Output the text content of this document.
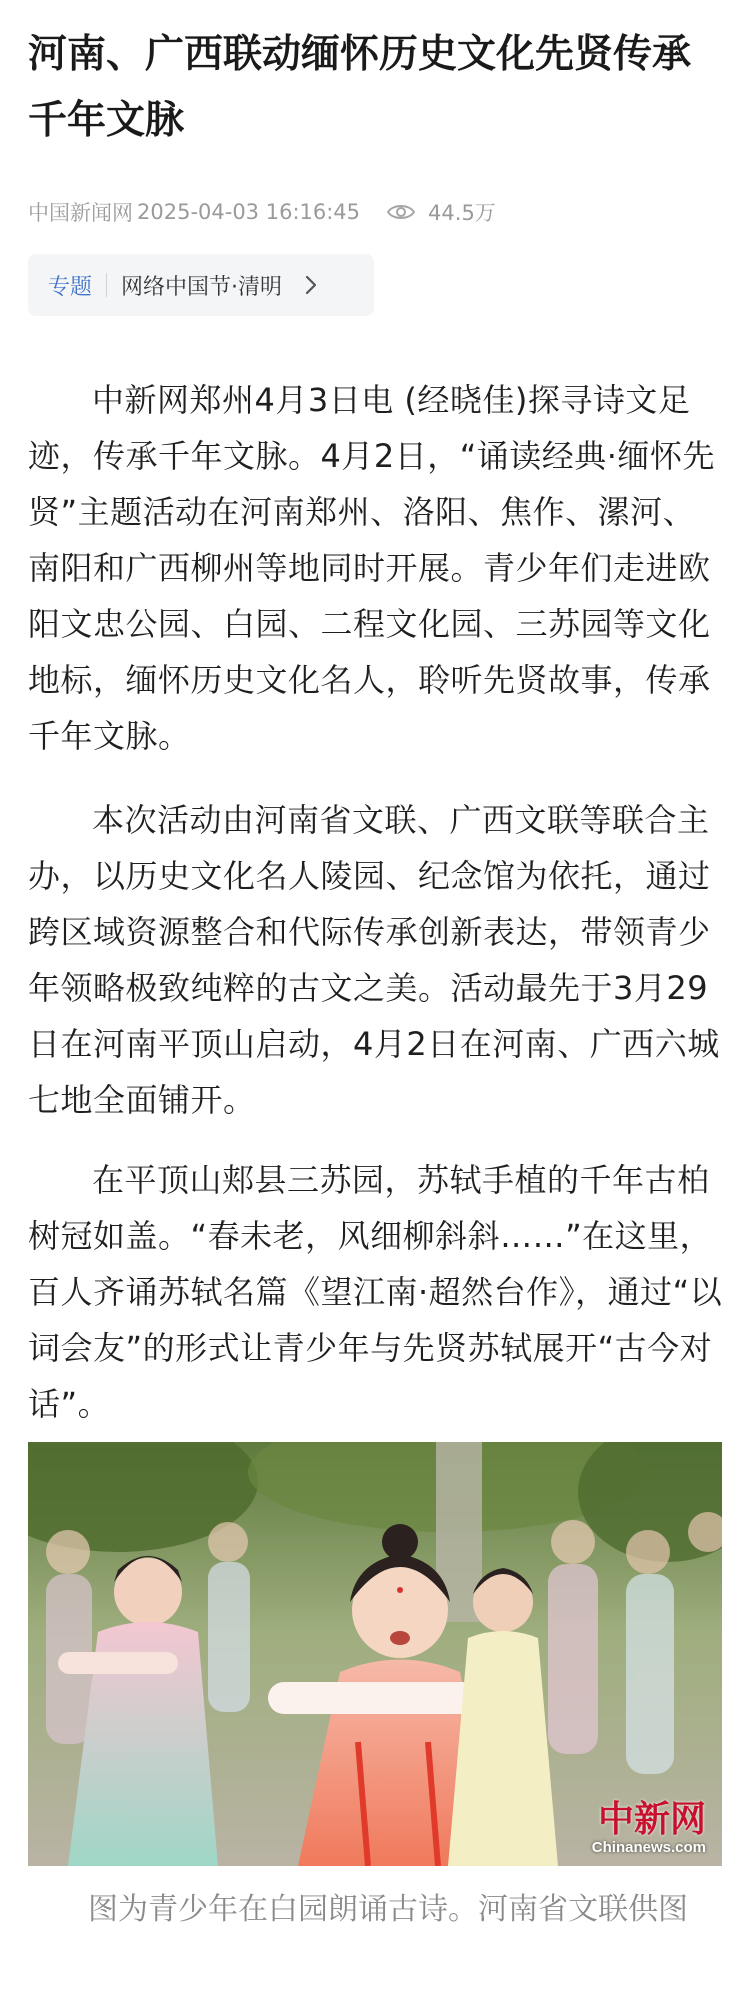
河南、广西联动缅怀历史文化先贤传承千年文脉
中国新闻网 2025-04-03 16:16:45	44.5万
专题 网络中国节·清明

中新网郑州4月3日电 (经晓佳)探寻诗文足迹，传承千年文脉。4月2日，“诵读经典·缅怀先贤”主题活动在河南郑州、洛阳、焦作、漯河、南阳和广西柳州等地同时开展。青少年们走进欧阳文忠公园、白园、二程文化园、三苏园等文化地标，缅怀历史文化名人，聆听先贤故事，传承千年文脉。

本次活动由河南省文联、广西文联等联合主办，以历史文化名人陵园、纪念馆为依托，通过跨区域资源整合和代际传承创新表达，带领青少年领略极致纯粹的古文之美。活动最先于3月29日在河南平顶山启动，4月2日在河南、广西六城七地全面铺开。

在平顶山郏县三苏园，苏轼手植的千年古柏树冠如盖。“春未老，风细柳斜斜……”在这里，百人齐诵苏轼名篇《望江南·超然台作》，通过“以词会友”的形式让青少年与先贤苏轼展开“古今对话”。

中新网
Chinanews.com

图为青少年在白园朗诵古诗。河南省文联供图
